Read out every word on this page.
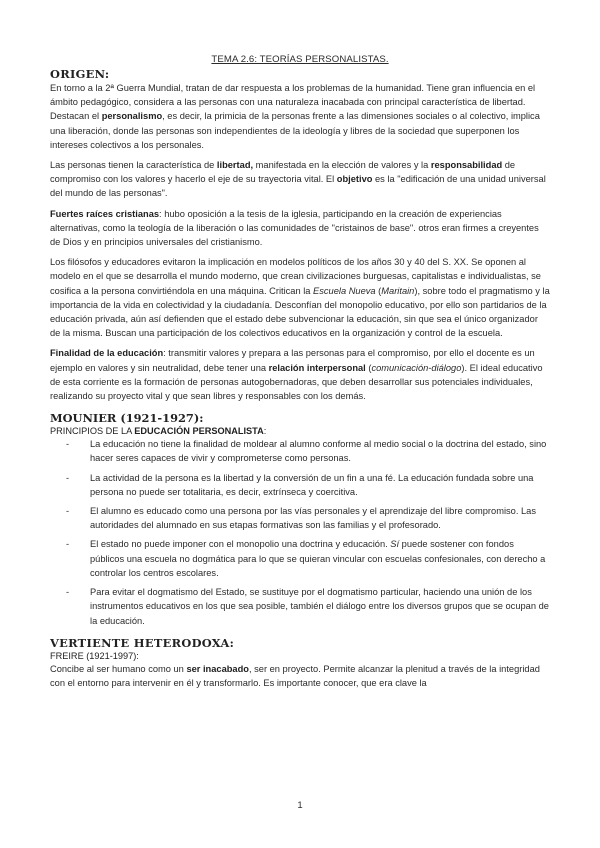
TEMA 2.6: TEORÍAS PERSONALISTAS.
ORIGEN:

En torno a la 2ª Guerra Mundial, tratan de dar respuesta a los problemas de la humanidad. Tiene gran influencia en el ámbito pedagógico, considera a las personas con una naturaleza inacabada con principal característica de libertad. Destacan el personalismo, es decir, la primicia de la personas frente a las dimensiones sociales o al colectivo, implica una liberación, donde las personas son independientes de la ideología y libres de la sociedad que superponen los intereses colectivos a los personales.

Las personas tienen la característica de libertad, manifestada en la elección de valores y la responsabilidad de compromiso con los valores y hacerlo el eje de su trayectoria vital. El objetivo es la "edificación de una unidad universal del mundo de las personas".

Fuertes raíces cristianas: hubo oposición a la tesis de la iglesia, participando en la creación de experiencias alternativas, como la teología de la liberación o las comunidades de "cristainos de base". otros eran firmes a creyentes de Dios y en principios universales del cristianismo.

Los filósofos y educadores evitaron la implicación en modelos políticos de los años 30 y 40 del S. XX. Se oponen al modelo en el que se desarrolla el mundo moderno, que crean civilizaciones burguesas, capitalistas e individualistas, se cosifica a la persona convirtiéndola en una máquina. Critican la Escuela Nueva (Maritain), sobre todo el pragmatismo y la importancia de la vida en colectividad y la ciudadanía. Desconfían del monopolio educativo, por ello son partidarios de la educación privada, aún así defienden que el estado debe subvencionar la educación, sin que sea el único organizador de la misma. Buscan una participación de los colectivos educativos en la organización y control de la escuela.

Finalidad de la educación: transmitir valores y prepara a las personas para el compromiso, por ello el docente es un ejemplo en valores y sin neutralidad, debe tener una relación interpersonal (comunicación-diálogo). El ideal educativo de esta corriente es la formación de personas autogobernadoras, que deben desarrollar sus potenciales individuales, realizando su proyecto vital y que sean libres y responsables con los demás.

MOUNIER (1921-1927):

PRINCIPIOS DE LA EDUCACIÓN PERSONALISTA:

- La educación no tiene la finalidad de moldear al alumno conforme al medio social o la doctrina del estado, sino hacer seres capaces de vivir y comprometerse como personas.
- La actividad de la persona es la libertad y la conversión de un fin a una fé. La educación fundada sobre una persona no puede ser totalitaria, es decir, extrínseca y coercitiva.
- El alumno es educado como una persona por las vías personales y el aprendizaje del libre compromiso. Las autoridades del alumnado en sus etapas formativas son las familias y el profesorado.
- El estado no puede imponer con el monopolio una doctrina y educación. Sí puede sostener con fondos públicos una escuela no dogmática para lo que se quieran vincular con escuelas confesionales, con derecho a controlar los centros escolares.
- Para evitar el dogmatismo del Estado, se sustituye por el dogmatismo particular, haciendo una unión de los instrumentos educativos en los que sea posible, también el diálogo entre los diversos grupos que se ocupan de la educación.
VERTIENTE HETERODOXA:

FREIRE (1921-1997):

Concibe al ser humano como un ser inacabado, ser en proyecto. Permite alcanzar la plenitud a través de la integridad con el entorno para intervenir en él y transformarlo. Es importante conocer, que era clave la

1
